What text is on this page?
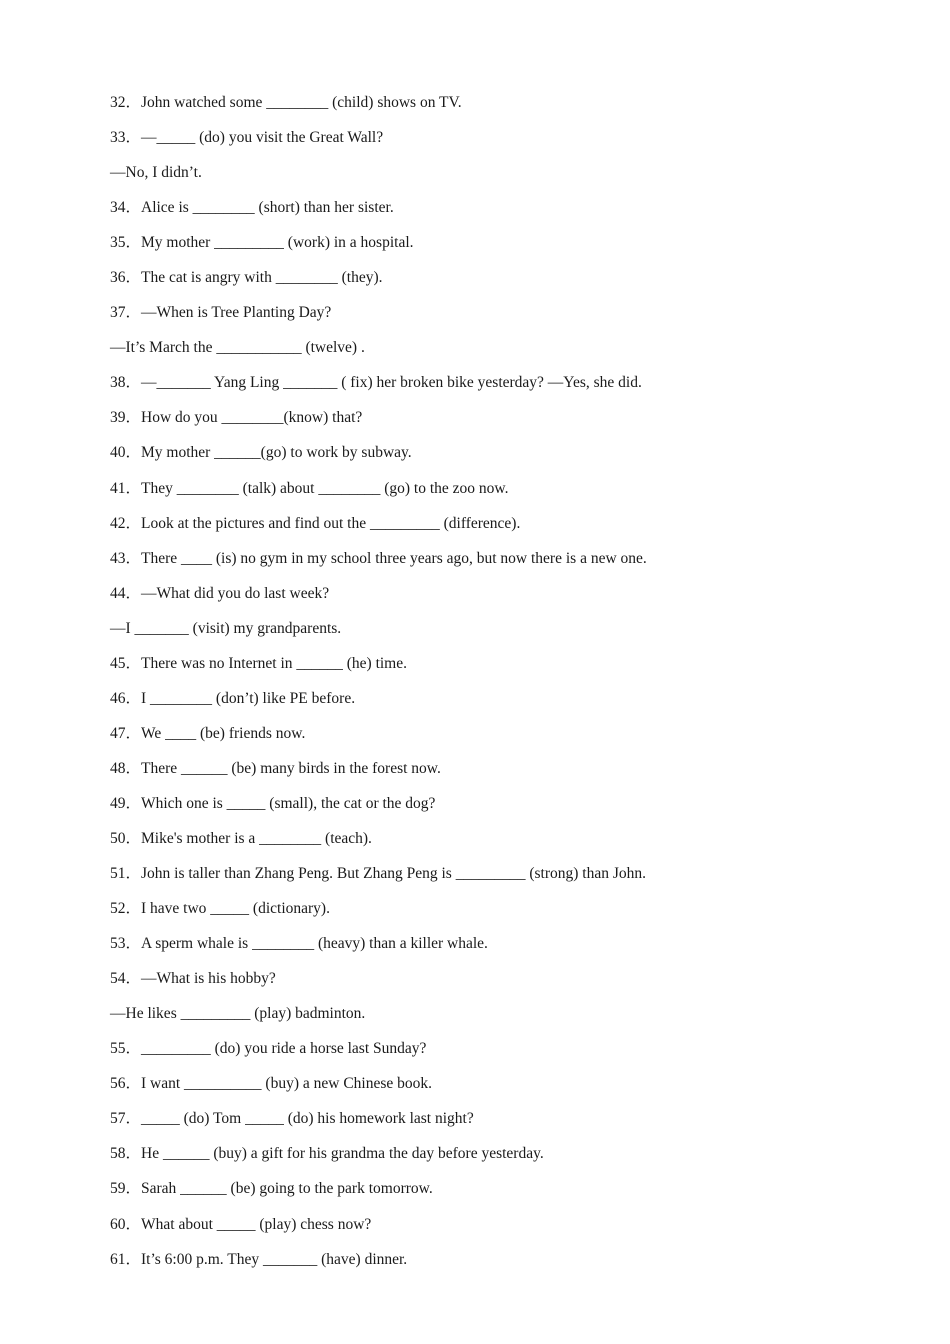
32．John watched some ________ (child) shows on TV.
33．—_____ (do) you visit the Great Wall?
—No, I didn’t.
34．Alice is ________ (short) than her sister.
35．My mother _________ (work) in a hospital.
36．The cat is angry with ________ (they).
37．—When is Tree Planting Day?
—It’s March the ___________ (twelve) .
38．—_______ Yang Ling _______ ( fix) her broken bike yesterday? —Yes, she did.
39．How do you ________(know) that?
40．My mother ______(go) to work by subway.
41．They ________ (talk) about ________ (go) to the zoo now.
42．Look at the pictures and find out the _________ (difference).
43．There ____ (is) no gym in my school three years ago, but now there is a new one.
44．—What did you do last week?
—I _______ (visit) my grandparents.
45．There was no Internet in ______ (he) time.
46．I ________ (don’t) like PE before.
47．We ____ (be) friends now.
48．There ______ (be) many birds in the forest now.
49．Which one is _____ (small), the cat or the dog?
50．Mike's mother is a ________ (teach).
51．John is taller than Zhang Peng. But Zhang Peng is _________ (strong) than John.
52．I have two _____ (dictionary).
53．A sperm whale is ________ (heavy) than a killer whale.
54．—What is his hobby?
—He likes _________ (play) badminton.
55．_________ (do) you ride a horse last Sunday?
56．I want __________ (buy) a new Chinese book.
57．_____ (do) Tom _____ (do) his homework last night?
58．He ______ (buy) a gift for his grandma the day before yesterday.
59．Sarah ______ (be) going to the park tomorrow.
60．What about _____ (play) chess now?
61．It’s 6:00 p.m. They _______ (have) dinner.
